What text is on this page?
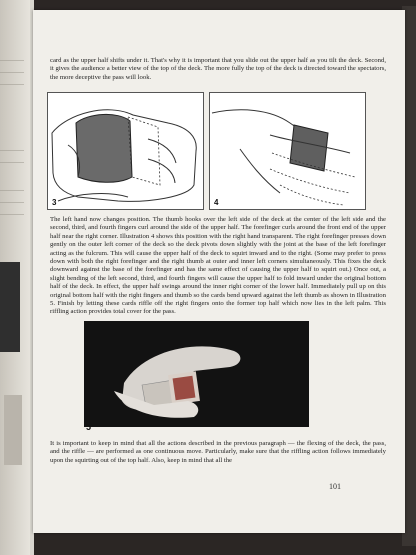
card as the upper half shifts under it. That's why it is important that you slide out the upper half as you tilt the deck. Second, it gives the audience a better view of the top of the deck. The more fully the top of the deck is directed toward the spectators, the more deceptive the pass will look.

3	4

The left hand now changes position. The thumb hooks over the left side of the deck at the center of the left side and the second, third, and fourth fingers curl around the side of the upper half. The forefinger curls around the front end of the upper half near the right corner. Illustration 4 shows this position with the right hand transparent. The right forefinger presses down gently on the outer left corner of the deck so the deck pivots down slightly with the joint at the base of the left forefinger acting as the fulcrum. This will cause the upper half of the deck to squirt inward and to the right. (Some may prefer to press down with both the right forefinger and the right thumb at outer and inner left corners simultaneously. This fixes the deck downward against the base of the forefinger and has the same effect of causing the upper half to squirt out.) Once out, a slight bending of the left second, third, and fourth fingers will cause the upper half to fold inward under the original bottom half of the deck. In effect, the upper half swings around the inner right corner of the lower half. Immediately pull up on this original bottom half with the right fingers and thumb so the cards bend upward against the left thumb as shown in Illustration 5. Finish by letting these cards riffle off the right fingers onto the former top half which now lies in the left palm. This riffling action provides total cover for the pass.

5

It is important to keep in mind that all the actions described in the previous paragraph — the flexing of the deck, the pass, and the riffle — are performed as one continuous move. Particularly, make sure that the riffling action follows immediately upon the squirting out of the top half. Also, keep in mind that all the

101
